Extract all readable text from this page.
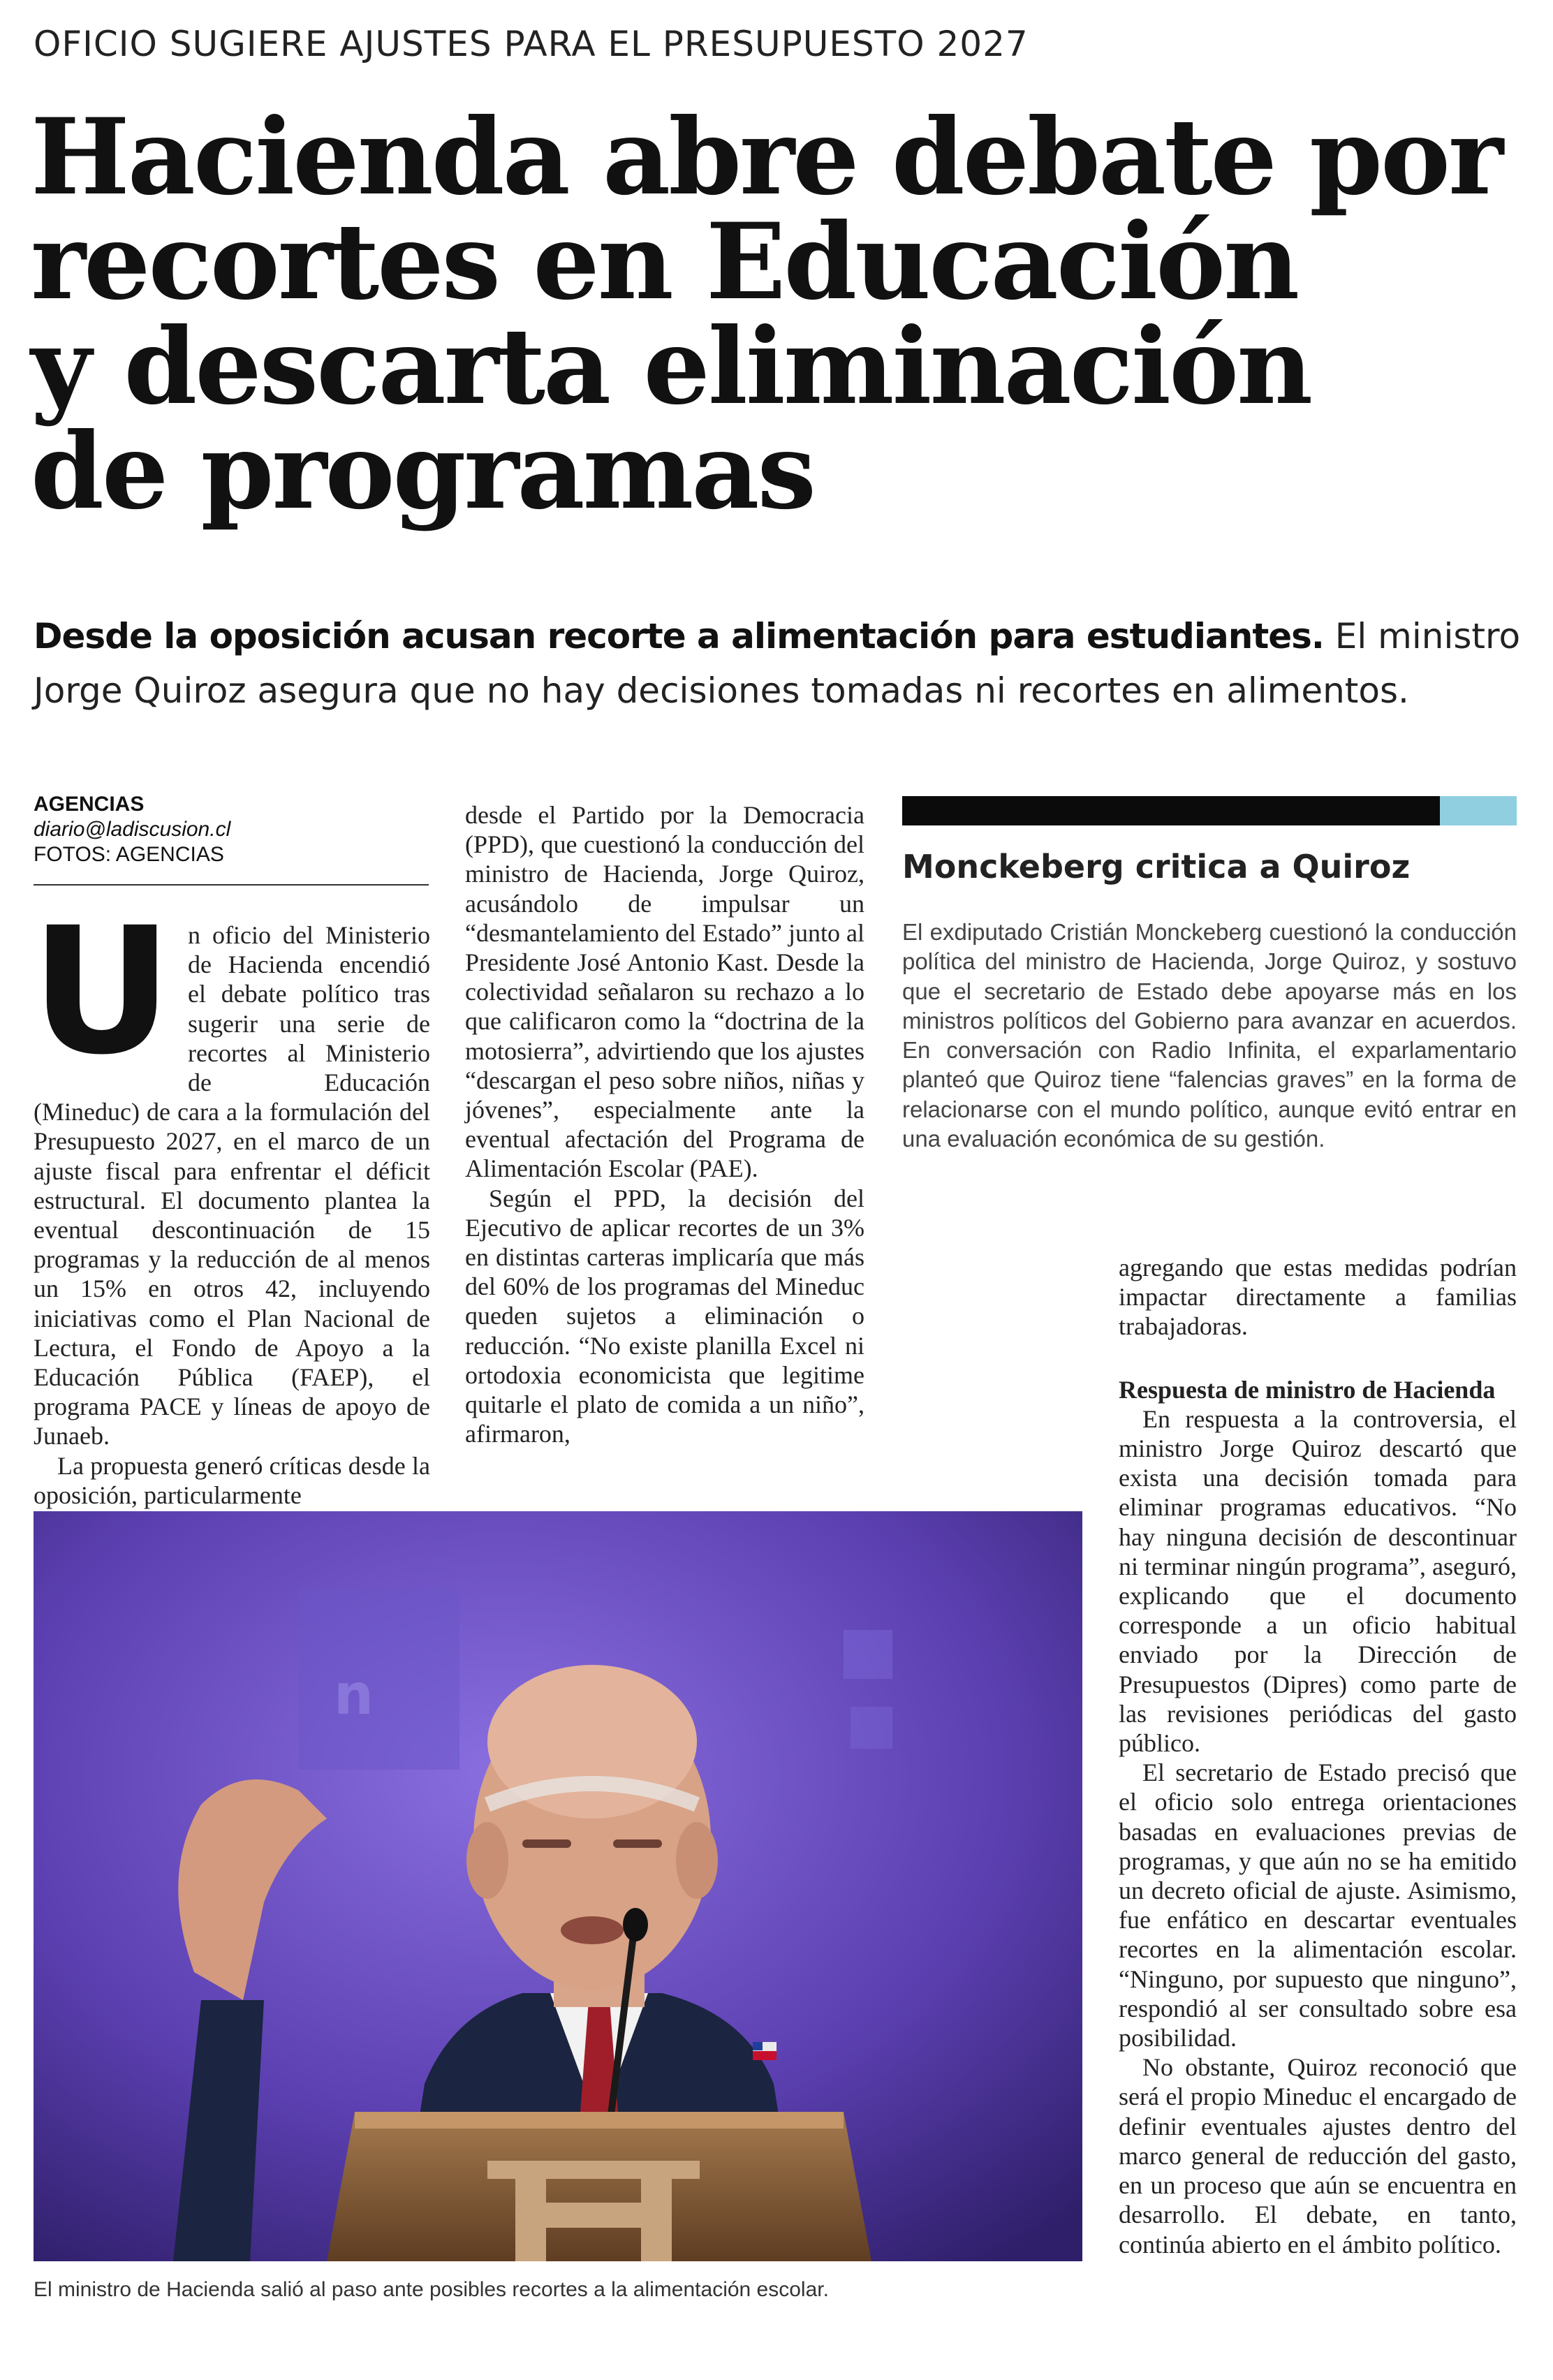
OFICIO SUGIERE AJUSTES PARA EL PRESUPUESTO 2027
Hacienda abre debate por
recortes en Educación
y descarta eliminación
de programas
Desde la oposición acusan recorte a alimentación para estudiantes. El ministro Jorge Quiroz asegura que no hay decisiones tomadas ni recortes en alimentos.
AGENCIAS
diario@ladiscusion.cl
FOTOS: AGENCIAS

Un oficio del Ministerio de Hacienda encendió el debate político tras sugerir una serie de recortes al Ministerio de Educación (Mineduc) de cara a la formulación del Presupuesto 2027, en el marco de un ajuste fiscal para enfrentar el déficit estructural. El documento plantea la eventual descontinuación de 15 programas y la reducción de al menos un 15% en otros 42, incluyendo iniciativas como el Plan Nacional de Lectura, el Fondo de Apoyo a la Educación Pública (FAEP), el programa PACE y líneas de apoyo de Junaeb.

La propuesta generó críticas desde la oposición, particularmente

desde el Partido por la Democracia (PPD), que cuestionó la conducción del ministro de Hacienda, Jorge Quiroz, acusándolo de impulsar un “desmantelamiento del Estado” junto al Presidente José Antonio Kast. Desde la colectividad señalaron su rechazo a lo que calificaron como la “doctrina de la motosierra”, advirtiendo que los ajustes “descargan el peso sobre niños, niñas y jóvenes”, especialmente ante la eventual afectación del Programa de Alimentación Escolar (PAE).

Según el PPD, la decisión del Ejecutivo de aplicar recortes de un 3% en distintas carteras implicaría que más del 60% de los programas del Mineduc queden sujetos a eliminación o reducción. “No existe planilla Excel ni ortodoxia economicista que legitime quitarle el plato de comida a un niño”, afirmaron,

Monckeberg critica a Quiroz
El exdiputado Cristián Monckeberg cuestionó la conducción política del ministro de Hacienda, Jorge Quiroz, y sostuvo que el secretario de Estado debe apoyarse más en los ministros políticos del Gobierno para avanzar en acuerdos. En conversación con Radio Infinita, el exparlamentario planteó que Quiroz tiene “falencias graves” en la forma de relacionarse con el mundo político, aunque evitó entrar en una evaluación económica de su gestión.

agregando que estas medidas podrían impactar directamente a familias trabajadoras.

Respuesta de ministro de Hacienda

En respuesta a la controversia, el ministro Jorge Quiroz descartó que exista una decisión tomada para eliminar programas educativos. “No hay ninguna decisión de descontinuar ni terminar ningún programa”, aseguró, explicando que el documento corresponde a un oficio habitual enviado por la Dirección de Presupuestos (Dipres) como parte de las revisiones periódicas del gasto público.

El secretario de Estado precisó que el oficio solo entrega orientaciones basadas en evaluaciones previas de programas, y que aún no se ha emitido un decreto oficial de ajuste. Asimismo, fue enfático en descartar eventuales recortes en la alimentación escolar. “Ninguno, por supuesto que ninguno”, respondió al ser consultado sobre esa posibilidad.

No obstante, Quiroz reconoció que será el propio Mineduc el encargado de definir eventuales ajustes dentro del marco general de reducción del gasto, en un proceso que aún se encuentra en desarrollo. El debate, en tanto, continúa abierto en el ámbito político.

n
El ministro de Hacienda salió al paso ante posibles recortes a la alimentación escolar.
